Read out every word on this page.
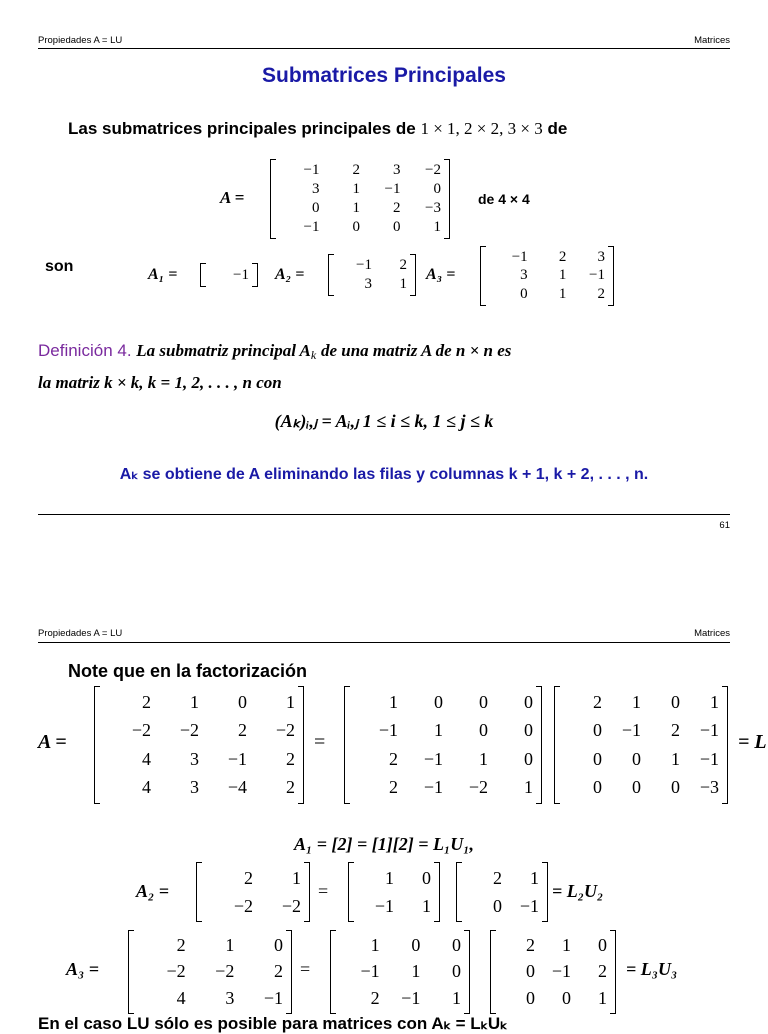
Propiedades A = LU	Matrices
Submatrices Principales
Las submatrices principales principales de 1 × 1, 2 × 2, 3 × 3 de
A =
−1 2 3 −2
3 1 −1 0
0 1 2 −3
−1 0 0 1
de 4 × 4
son	A₁ =	−1 A₂ =
−1 2
3 1
A₃ =
−1 2 3
3 1 −1
0 1 2
Definición 4. La submatriz principal Ak de una matriz A de n × n es
la matriz k × k, k = 1, 2, . . . , n con
(Aₖ)ᵢ,ⱼ = Aᵢ,ⱼ 1 ≤ i ≤ k, 1 ≤ j ≤ k
Aₖ se obtiene de A eliminando las filas y columnas k + 1, k + 2, . . . , n.
61
Propiedades A = LU	Matrices
Note que en la factorización
A =
2 1 0 1
−2 −2 2 −2
4 3 −1 2
4 3 −4 2
=
1 0 0 0
−1 1 0 0
2 −1 1 0
2 −1 −2 1
2 1 0 1
0 −1 2 −1
0 0 1 −1
0 0 0 −3
= L
A₁ = [2] = [1][2] = L₁U₁,
A₂ =
2 1
−2 −2
=
1 0
−1 1
2 1
0 −1
= L₂U₂
A₃ =
2 1 0
−2 −2 2
4 3 −1
=
1 0 0
−1 1 0
2 −1 1
2 1 0
0 −1 2
0 0 1
= L₃U₃
En el caso LU sólo es posible para matrices con Aₖ = LₖUₖ
